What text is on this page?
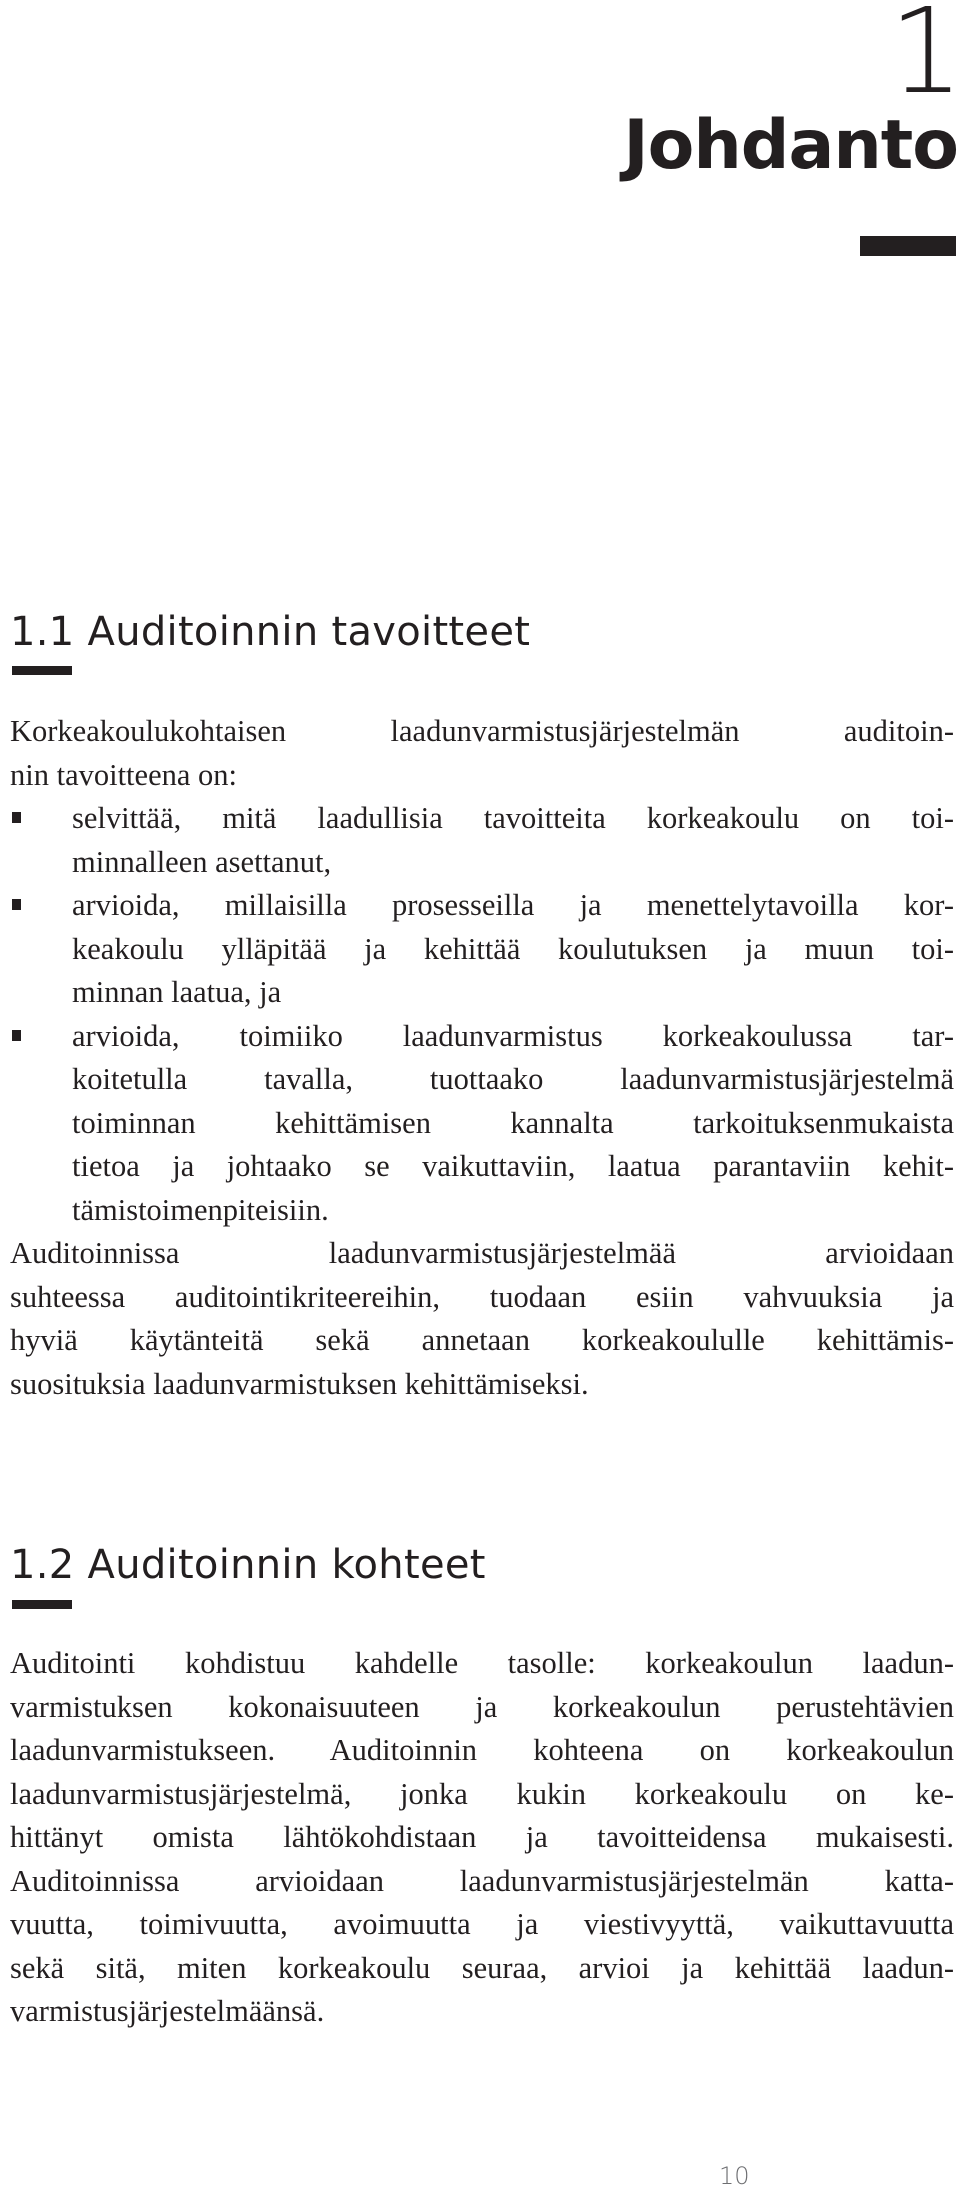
1
Johdanto
1.1 Auditoinnin tavoitteet
Korkeakoulukohtaisen laadunvarmistusjärjestelmän auditoin-
nin tavoitteena on:
selvittää, mitä laadullisia tavoitteita korkeakoulu on toi-
minnalleen asettanut,
arvioida, millaisilla prosesseilla ja menettelytavoilla kor-
keakoulu ylläpitää ja kehittää koulutuksen ja muun toi-
minnan laatua, ja
arvioida, toimiiko laadunvarmistus korkeakoulussa tar-
koitetulla tavalla, tuottaako laadunvarmistusjärjestelmä
toiminnan kehittämisen kannalta tarkoituksenmukaista
tietoa ja johtaako se vaikuttaviin, laatua parantaviin kehit-
tämistoimenpiteisiin.
Auditoinnissa laadunvarmistusjärjestelmää arvioidaan
suhteessa auditointikriteereihin, tuodaan esiin vahvuuksia ja
hyviä käytänteitä sekä annetaan korkeakoululle kehittämis-
suosituksia laadunvarmistuksen kehittämiseksi.
1.2 Auditoinnin kohteet
Auditointi kohdistuu kahdelle tasolle: korkeakoulun laadun-
varmistuksen kokonaisuuteen ja korkeakoulun perustehtävien
laadunvarmistukseen. Auditoinnin kohteena on korkeakoulun
laadunvarmistusjärjestelmä, jonka kukin korkeakoulu on ke-
hittänyt omista lähtökohdistaan ja tavoitteidensa mukaisesti.
Auditoinnissa arvioidaan laadunvarmistusjärjestelmän katta-
vuutta, toimivuutta, avoimuutta ja viestivyyttä, vaikuttavuutta
sekä sitä, miten korkeakoulu seuraa, arvioi ja kehittää laadun-
varmistusjärjestelmäänsä.
10
